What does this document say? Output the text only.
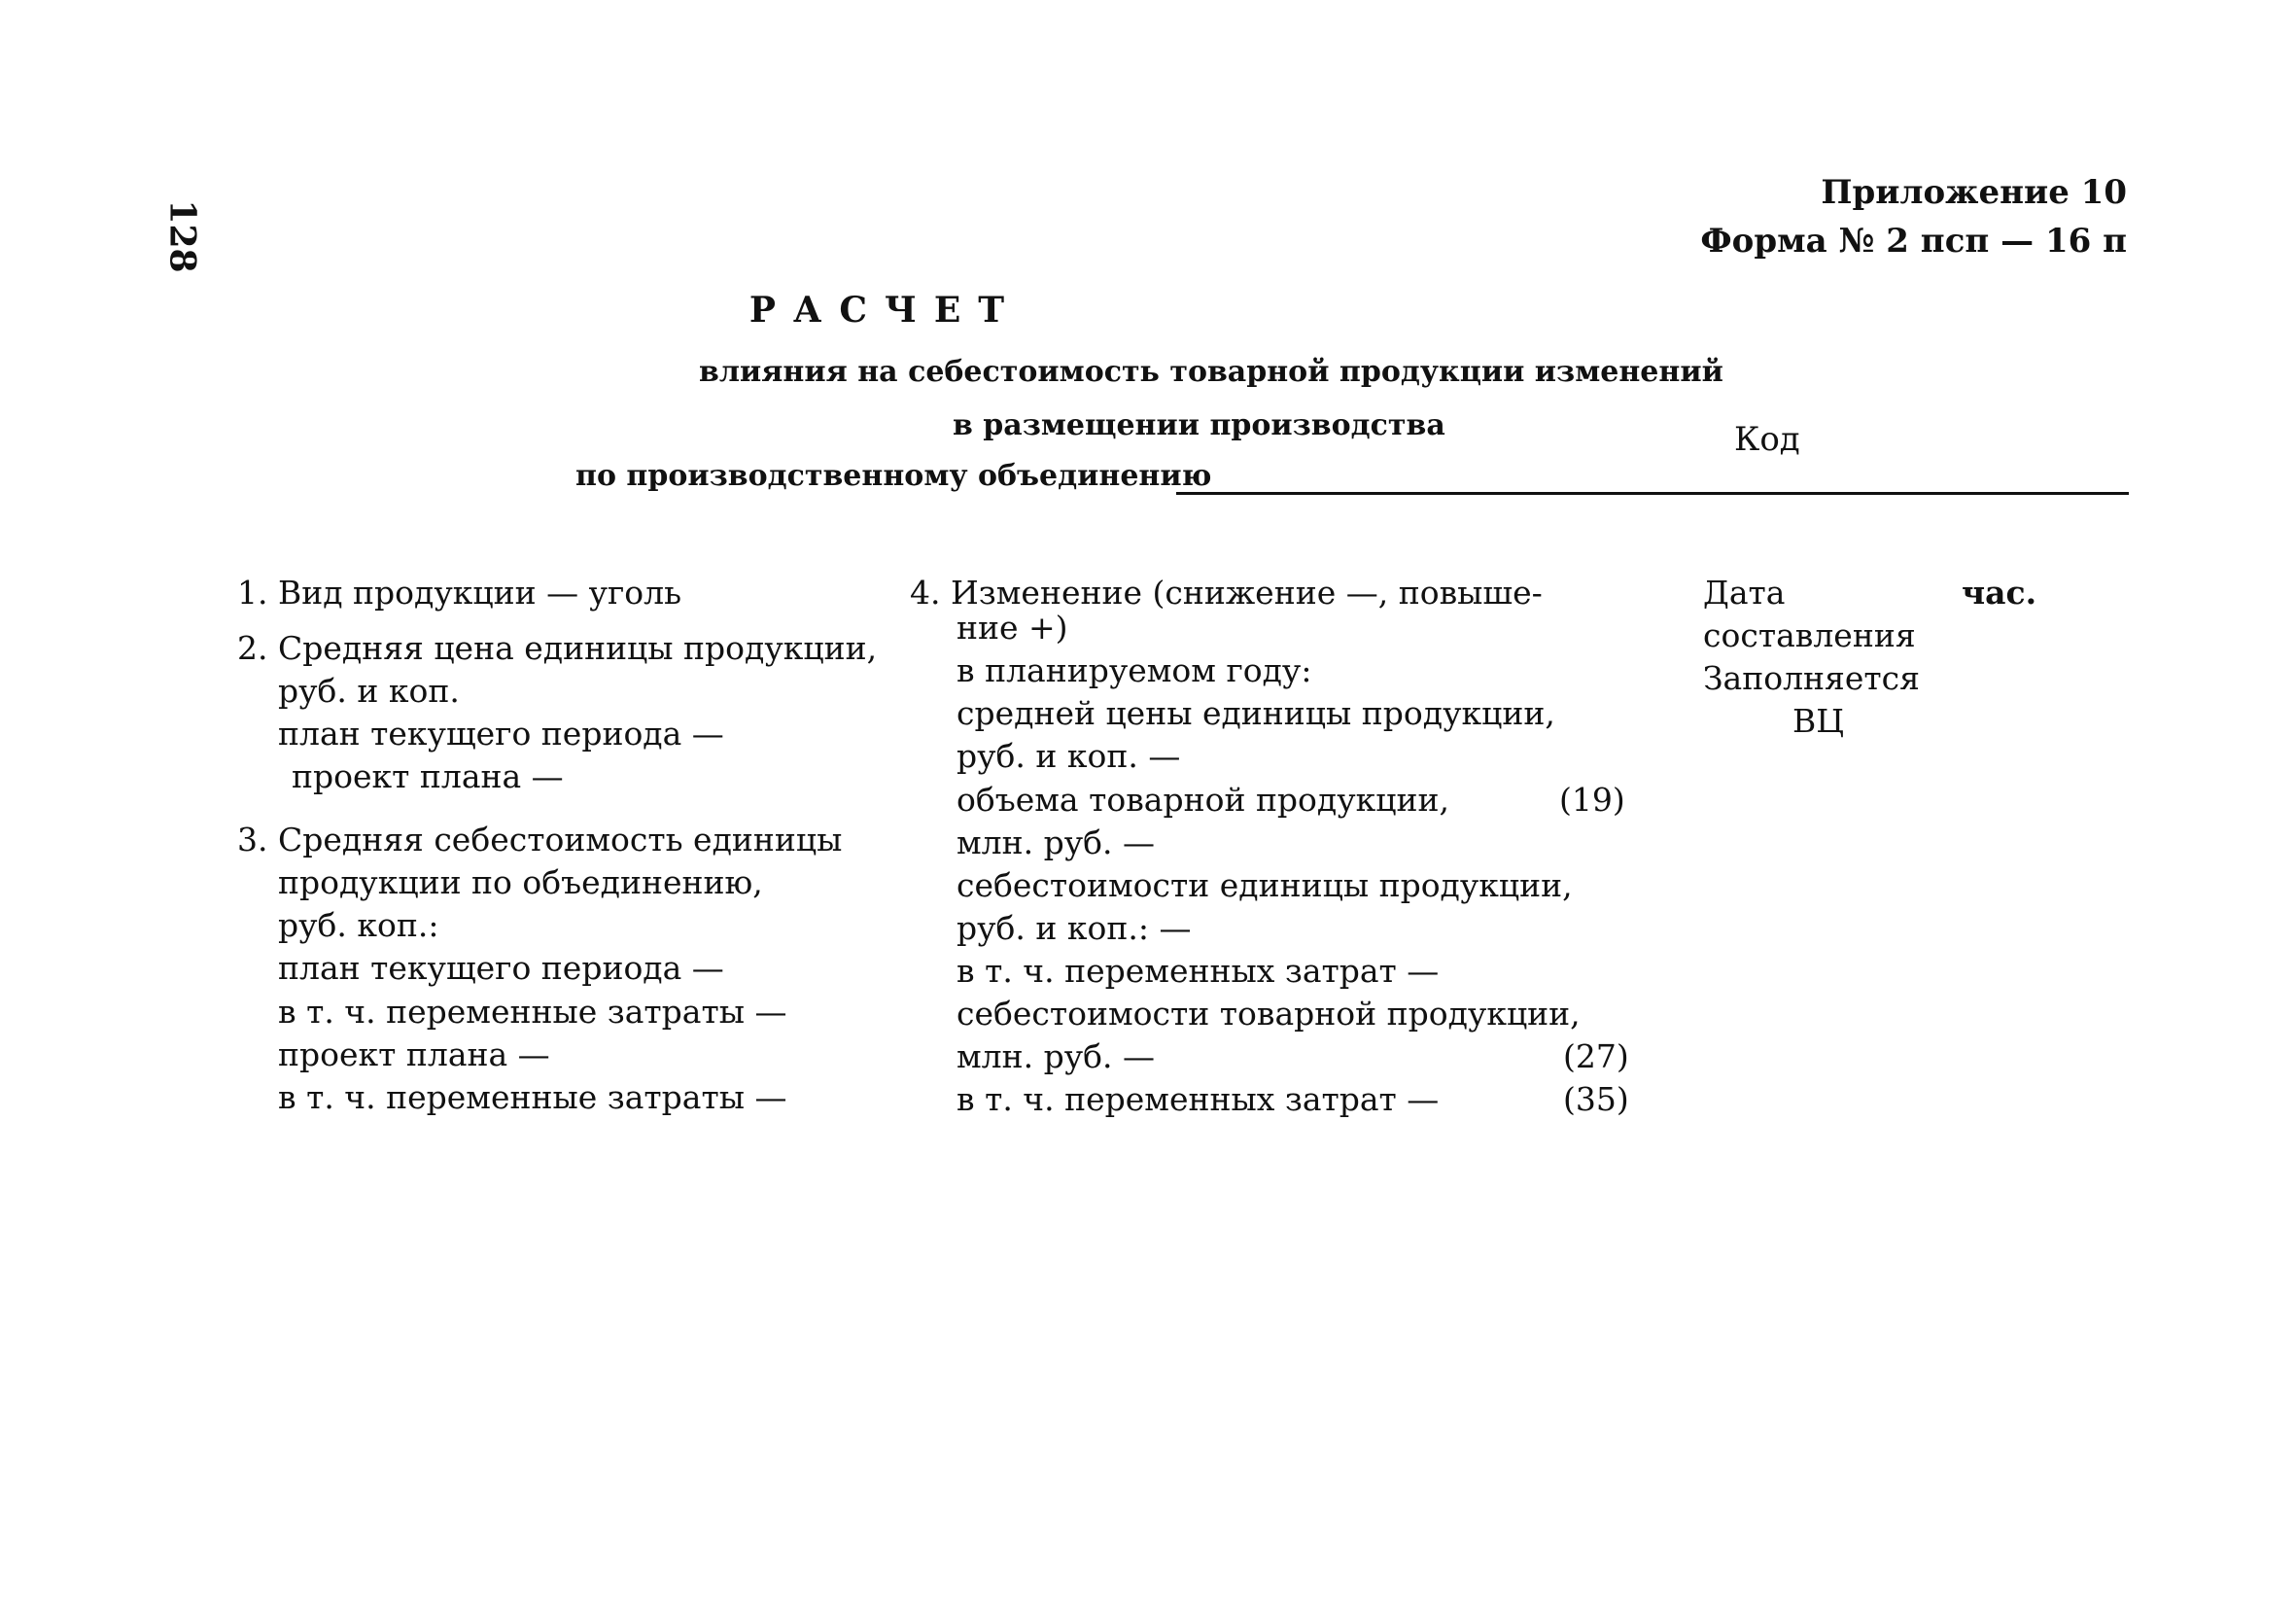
128
Приложение 10
Форма № 2 псп — 16 п
РАСЧЕТ
влияния на себестоимость товарной продукции изменений
в размещении производства	Код
по производственному объединению
1. Вид продукции — уголь
2. Средняя цена единицы продукции,
руб. и коп.
план текущего периода —
проект плана —
3. Средняя себестоимость единицы
продукции по объединению,
руб. коп.:
план текущего периода —
в т. ч. переменные затраты —
проект плана —
в т. ч. переменные затраты —
4. Изменение (снижение —, повыше-
ние +)
в планируемом году:
средней цены единицы продукции,
руб. и коп. —
объема товарной продукции,	(19)
млн. руб. —
себестоимости единицы продукции,
руб. и коп.: —
в т. ч. переменных затрат —
себестоимости товарной продукции,
млн. руб. —	(27)
в т. ч. переменных затрат —	(35)
Дата	час.
составления
Заполняется
ВЦ
